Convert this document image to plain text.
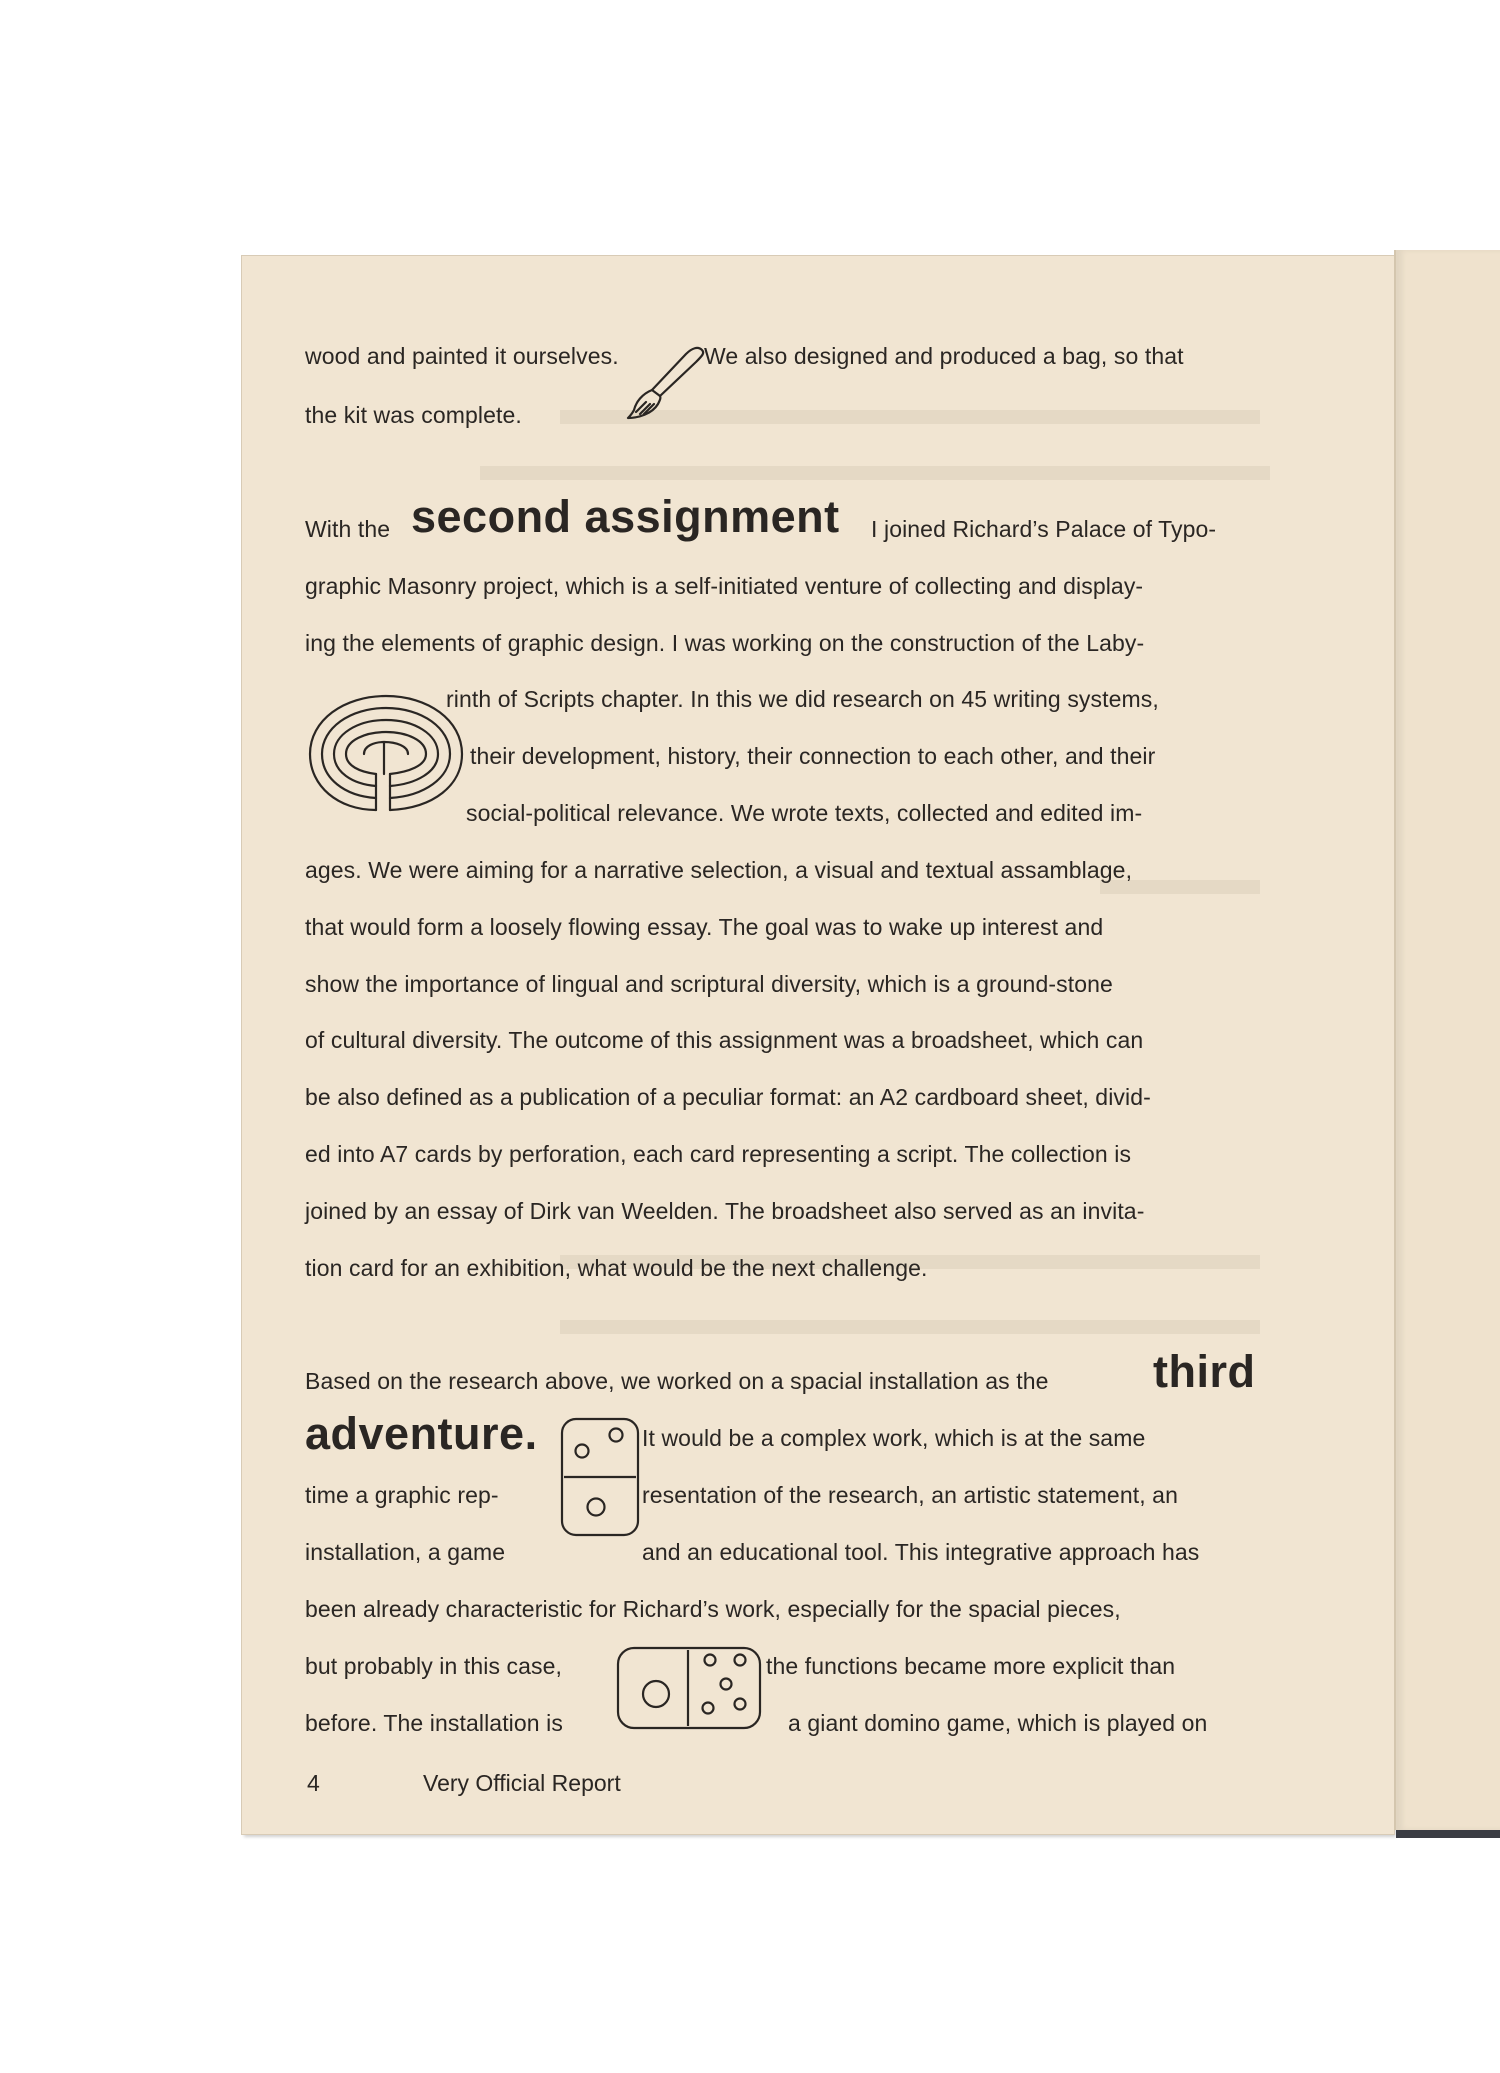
wood and painted it ourselves.	We also designed and produced a bag, so that
the kit was complete.
With the second assignment I joined Richard’s Palace of Typo-
graphic Masonry project, which is a self-initiated venture of collecting and display-
ing the elements of graphic design. I was working on the construction of the Laby-
rinth of Scripts chapter. In this we did research on 45 writing systems,
their development, history, their connection to each other, and their
social-political relevance. We wrote texts, collected and edited im-
ages. We were aiming for a narrative selection, a visual and textual assamblage,
that would form a loosely flowing essay. The goal was to wake up interest and
show the importance of lingual and scriptural diversity, which is a ground-stone
of cultural diversity. The outcome of this assignment was a broadsheet, which can
be also defined as a publication of a peculiar format: an A2 cardboard sheet, divid-
ed into A7 cards by perforation, each card representing a script. The collection is
joined by an essay of Dirk van Weelden. The broadsheet also served as an invita-
tion card for an exhibition, what would be the next challenge.
Based on the research above, we worked on a spacial installation as the third
adventure.	It would be a complex work, which is at the same
time a graphic rep-	resentation of the research, an artistic statement, an
installation, a game	and an educational tool. This integrative approach has
been already characteristic for Richard’s work, especially for the spacial pieces,
but probably in this case,	the functions became more explicit than
before. The installation is	a giant domino game, which is played on
4	Very Official Report
